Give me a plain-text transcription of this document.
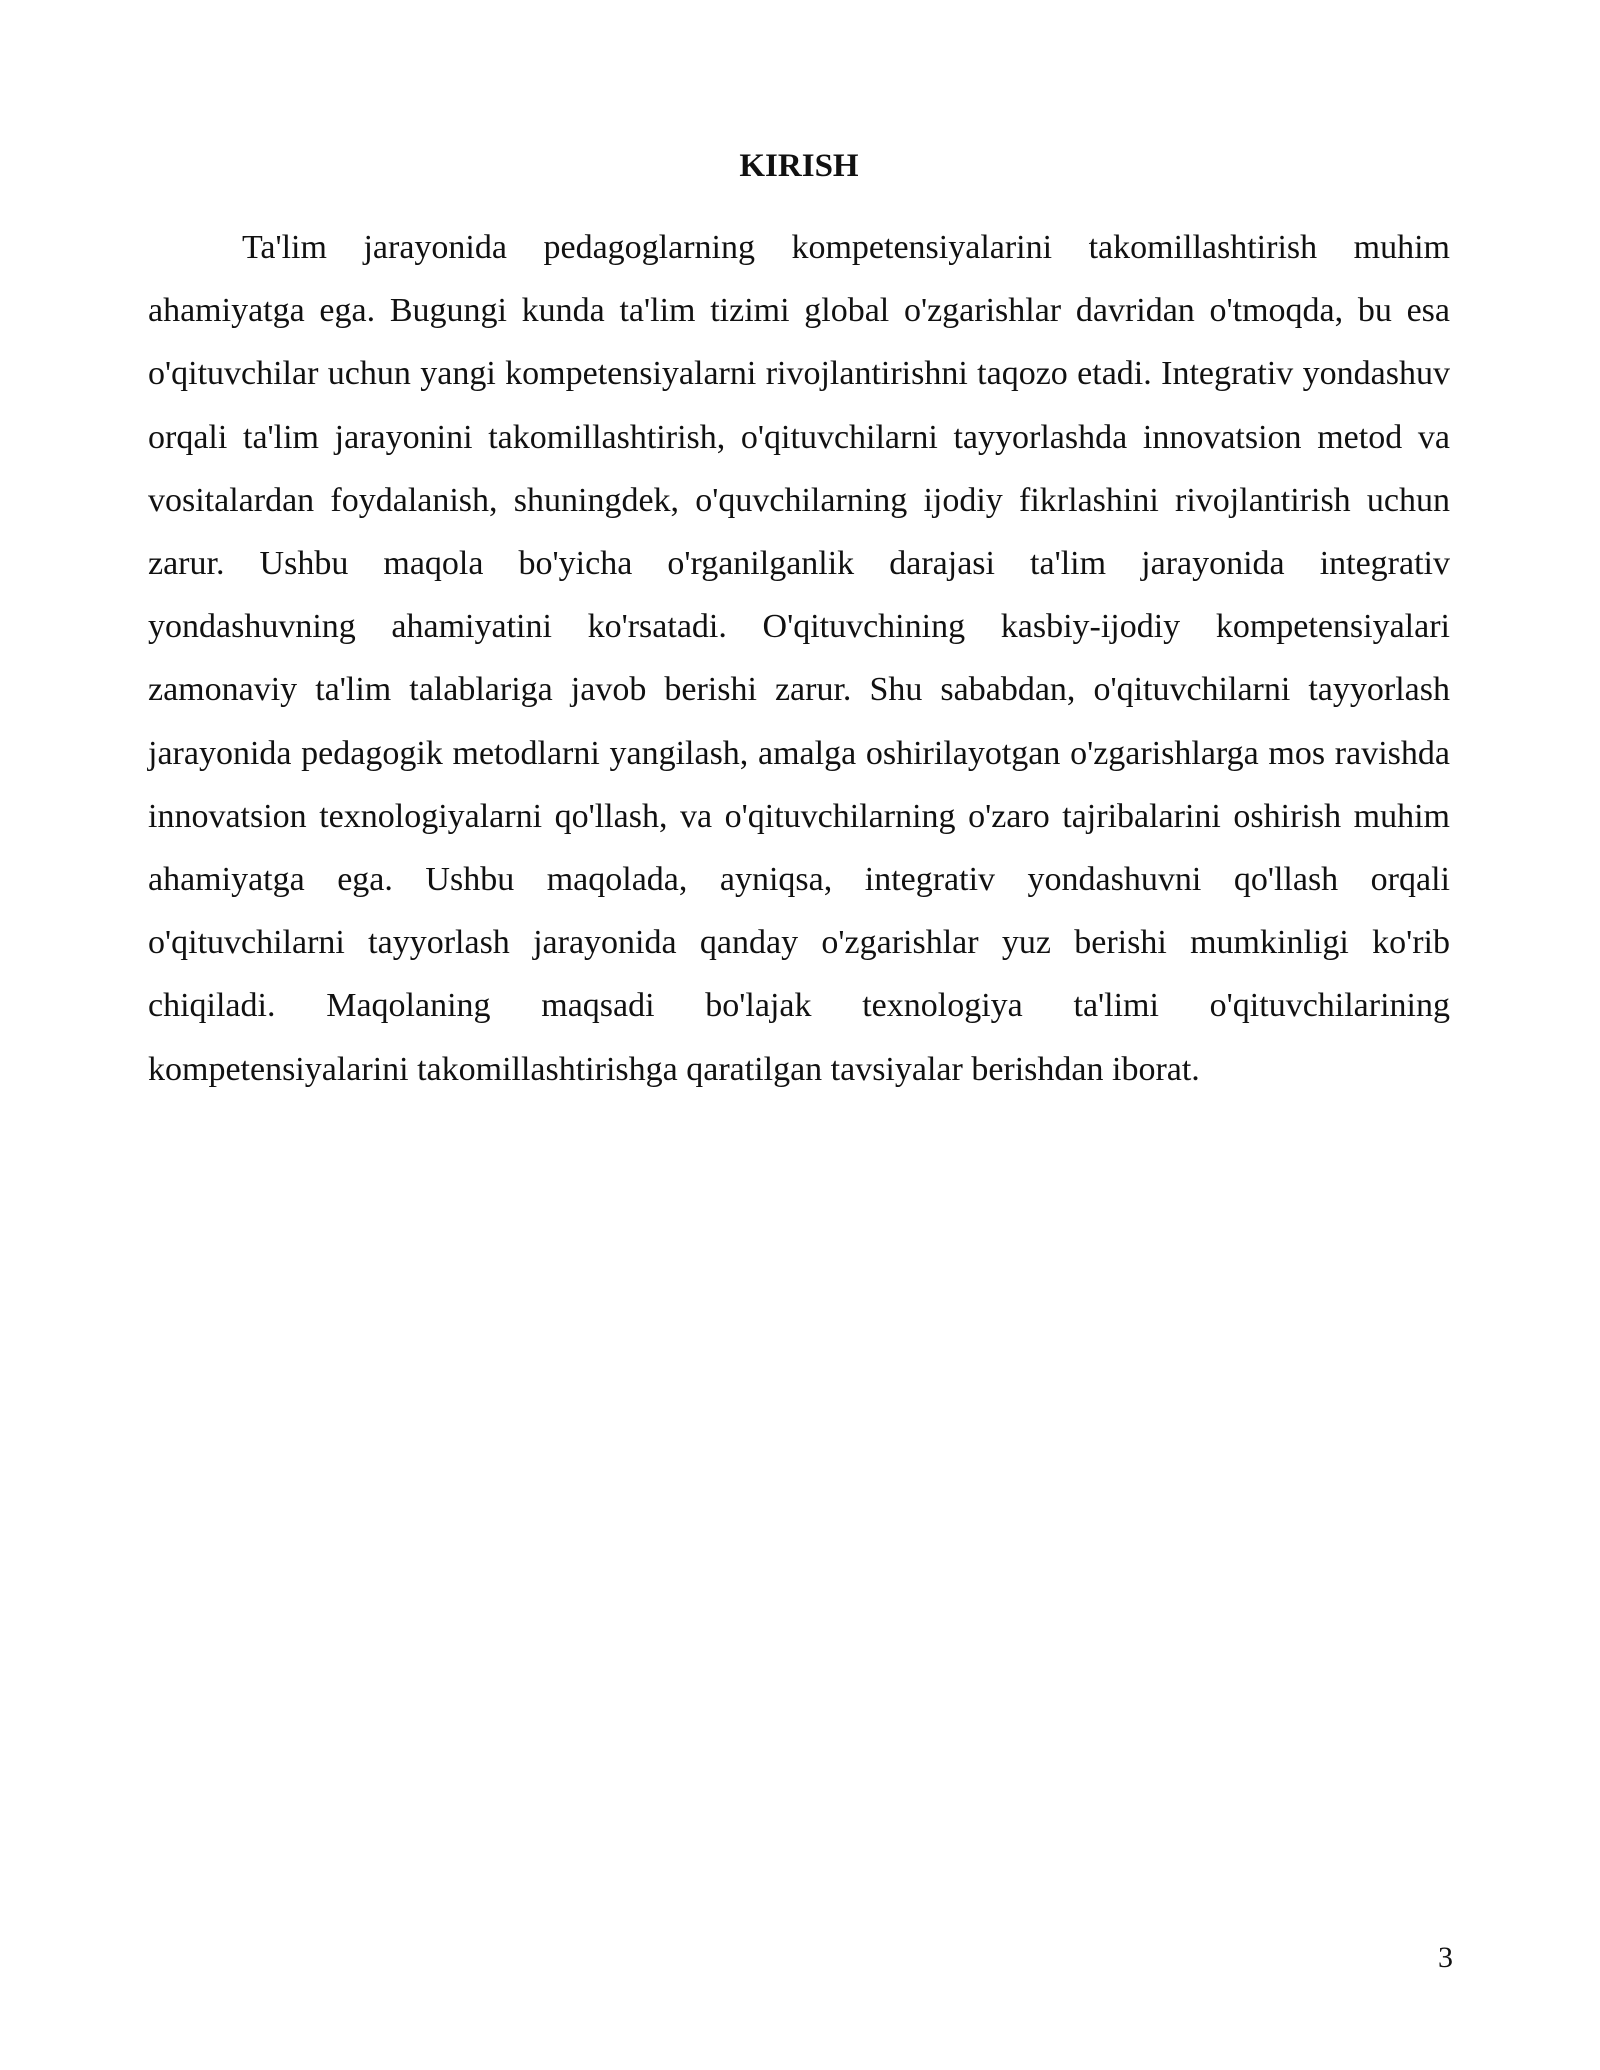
KIRISH

Ta'lim jarayonida pedagoglarning kompetensiyalarini takomillashtirish muhim ahamiyatga ega. Bugungi kunda ta'lim tizimi global o'zgarishlar davridan o'tmoqda, bu esa o'qituvchilar uchun yangi kompetensiyalarni rivojlantirishni taqozo etadi. Integrativ yondashuv orqali ta'lim jarayonini takomillashtirish, o'qituvchilarni tayyorlashda innovatsion metod va vositalardan foydalanish, shuningdek, o'quvchilarning ijodiy fikrlashini rivojlantirish uchun zarur. Ushbu maqola bo'yicha o'rganilganlik darajasi ta'lim jarayonida integrativ yondashuvning ahamiyatini ko'rsatadi. O'qituvchining kasbiy-ijodiy kompetensiyalari zamonaviy ta'lim talablariga javob berishi zarur. Shu sababdan, o'qituvchilarni tayyorlash jarayonida pedagogik metodlarni yangilash, amalga oshirilayotgan o'zgarishlarga mos ravishda innovatsion texnologiyalarni qo'llash, va o'qituvchilarning o'zaro tajribalarini oshirish muhim ahamiyatga ega. Ushbu maqolada, ayniqsa, integrativ yondashuvni qo'llash orqali o'qituvchilarni tayyorlash jarayonida qanday o'zgarishlar yuz berishi mumkinligi ko'rib chiqiladi. Maqolaning maqsadi bo'lajak texnologiya ta'limi o'qituvchilarining kompetensiyalarini takomillashtirishga qaratilgan tavsiyalar berishdan iborat.

3
